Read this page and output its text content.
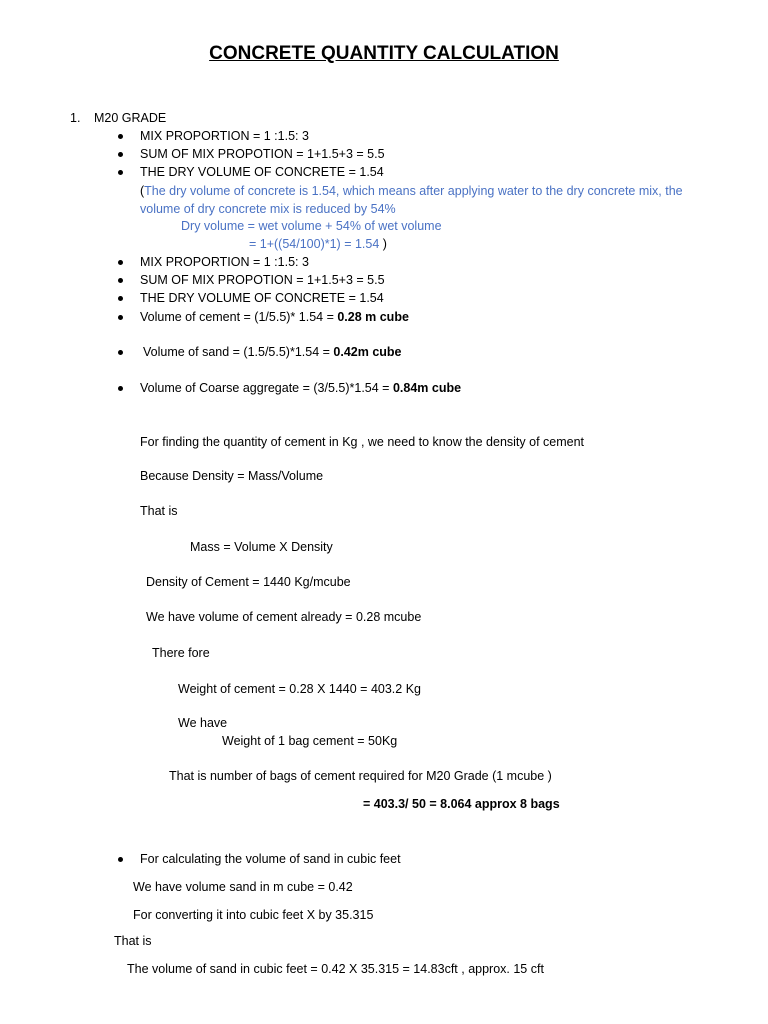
CONCRETE QUANTITY CALCULATION
1. M20 GRADE
MIX PROPORTION = 1 :1.5: 3
SUM OF MIX PROPOTION = 1+1.5+3 = 5.5
THE DRY VOLUME OF CONCRETE = 1.54
(The dry volume of concrete is 1.54, which means after applying water to the dry concrete mix, the
volume of dry concrete mix is reduced by 54%
Dry volume = wet volume + 54% of wet volume
= 1+((54/100)*1) = 1.54 )
MIX PROPORTION = 1 :1.5: 3
SUM OF MIX PROPOTION = 1+1.5+3 = 5.5
THE DRY VOLUME OF CONCRETE = 1.54
Volume of cement = (1/5.5)* 1.54 = 0.28 m cube
Volume of sand = (1.5/5.5)*1.54 = 0.42m cube
Volume of Coarse aggregate = (3/5.5)*1.54 = 0.84m cube
For finding the quantity of cement in Kg , we need to know the density of cement
Because Density = Mass/Volume
That is
Mass = Volume X Density
Density of Cement = 1440 Kg/mcube
We have volume of cement already = 0.28 mcube
There fore
Weight of cement = 0.28 X 1440 = 403.2 Kg
We have
Weight of 1 bag cement = 50Kg
That is number of bags of cement required for M20 Grade (1 mcube )
= 403.3/ 50 = 8.064 approx 8 bags
For calculating the volume of sand in cubic feet
We have volume sand in m cube = 0.42
For converting it into cubic feet X by 35.315
That is
The volume of sand in cubic feet = 0.42 X 35.315 = 14.83cft , approx. 15 cft
